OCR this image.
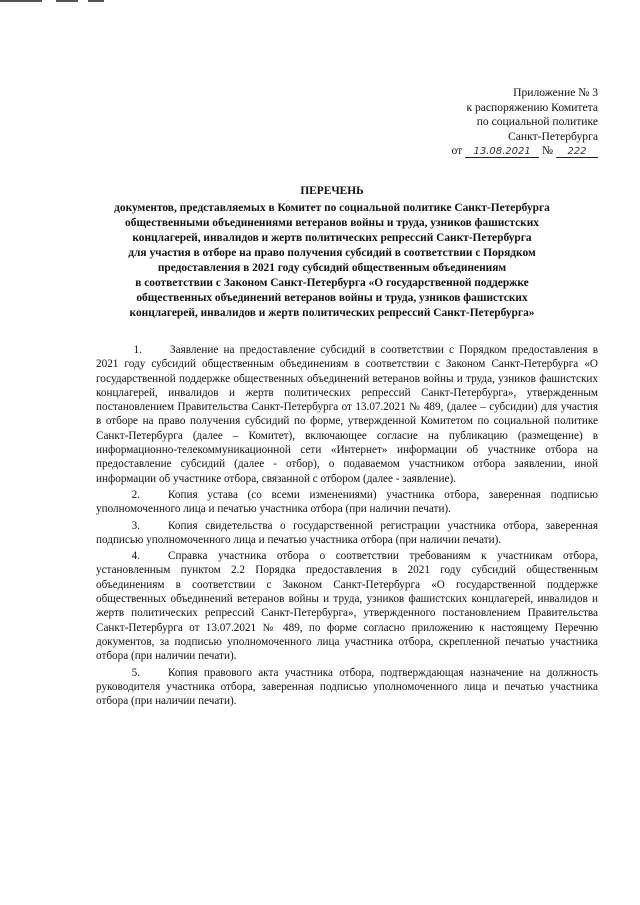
Приложение № 3
к распоряжению Комитета
по социальной политике
Санкт-Петербурга
от 13.08.2021 № 222
ПЕРЕЧЕНЬ
документов, представляемых в Комитет по социальной политике Санкт-Петербурга
общественными объединениями ветеранов войны и труда, узников фашистских
концлагерей, инвалидов и жертв политических репрессий Санкт-Петербурга
для участия в отборе на право получения субсидий в соответствии с Порядком
предоставления в 2021 году субсидий общественным объединениям
в соответствии с Законом Санкт-Петербурга «О государственной поддержке
общественных объединений ветеранов войны и труда, узников фашистских
концлагерей, инвалидов и жертв политических репрессий Санкт-Петербурга»

1.	Заявление на предоставление субсидий в соответствии с Порядком предоставления в 2021 году субсидий общественным объединениям в соответствии с Законом Санкт-Петербурга «О государственной поддержке общественных объединений ветеранов войны и труда, узников фашистских концлагерей, инвалидов и жертв политических репрессий Санкт-Петербурга», утвержденным постановлением Правительства Санкт-Петербурга от 13.07.2021 № 489, (далее – субсидии) для участия в отборе на право получения субсидий по форме, утвержденной Комитетом по социальной политике Санкт-Петербурга (далее – Комитет), включающее согласие на публикацию (размещение) в информационно-телекоммуникационной сети «Интернет» информации об участнике отбора на предоставление субсидий (далее - отбор), о подаваемом участником отбора заявлении, иной информации об участнике отбора, связанной с отбором (далее - заявление).

2.	Копия устава (со всеми изменениями) участника отбора, заверенная подписью уполномоченного лица и печатью участника отбора (при наличии печати).

3.	Копия свидетельства о государственной регистрации участника отбора, заверенная подписью уполномоченного лица и печатью участника отбора (при наличии печати).

4.	Справка участника отбора о соответствии требованиям к участникам отбора, установленным пунктом 2.2 Порядка предоставления в 2021 году субсидий общественным объединениям в соответствии с Законом Санкт-Петербурга «О государственной поддержке общественных объединений ветеранов войны и труда, узников фашистских концлагерей, инвалидов и жертв политических репрессий Санкт-Петербурга», утвержденного постановлением Правительства Санкт-Петербурга от 13.07.2021 № 489, по форме согласно приложению к настоящему Перечню документов, за подписью уполномоченного лица участника отбора, скрепленной печатью участника отбора (при наличии печати).

5.	Копия правового акта участника отбора, подтверждающая назначение на должность руководителя участника отбора, заверенная подписью уполномоченного лица и печатью участника отбора (при наличии печати).
